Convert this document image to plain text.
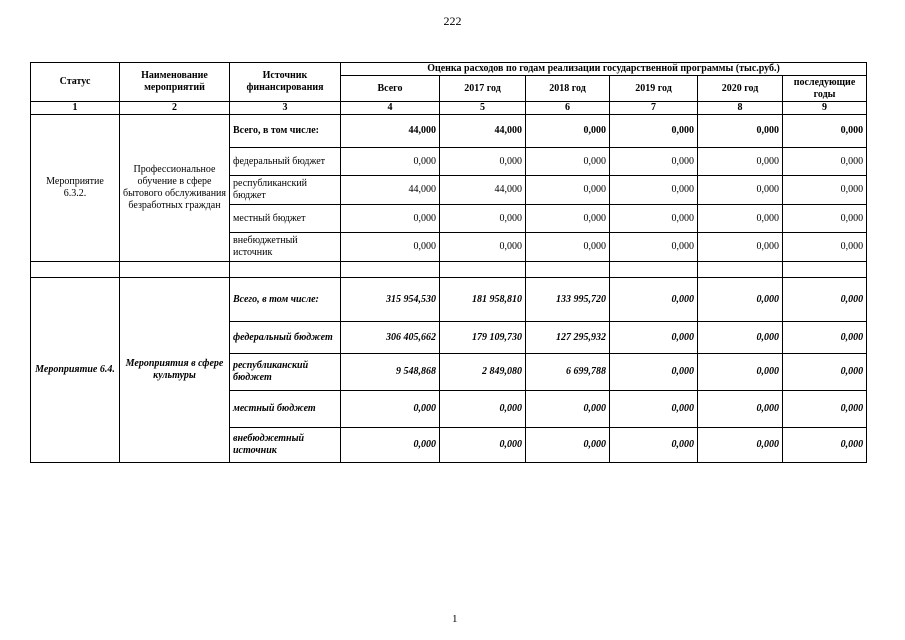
222
Статус	Наименование мероприятий	Источник финансирования	Оценка расходов по годам реализации государственной программы (тыс.руб.)					
			Всего	2017 год	2018 год	2019 год	2020 год	последующие годы
1	2	3	4	5	6	7	8	9
Мероприятие 6.3.2.	Профессиональное обучение в сфере бытового обслуживания безработных граждан	Всего, в том числе:	44,000	44,000	0,000	0,000	0,000	0,000
		федеральный бюджет	0,000	0,000	0,000	0,000	0,000	0,000
		республиканский бюджет	44,000	44,000	0,000	0,000	0,000	0,000
		местный бюджет	0,000	0,000	0,000	0,000	0,000	0,000
		внебюджетный источник	0,000	0,000	0,000	0,000	0,000	0,000

Мероприятие 6.4.	Мероприятия в сфере культуры	Всего, в том числе:	315 954,530	181 958,810	133 995,720	0,000	0,000	0,000
		федеральный бюджет	306 405,662	179 109,730	127 295,932	0,000	0,000	0,000
		республиканский бюджет	9 548,868	2 849,080	6 699,788	0,000	0,000	0,000
		местный бюджет	0,000	0,000	0,000	0,000	0,000	0,000
		внебюджетный источник	0,000	0,000	0,000	0,000	0,000	0,000
1
